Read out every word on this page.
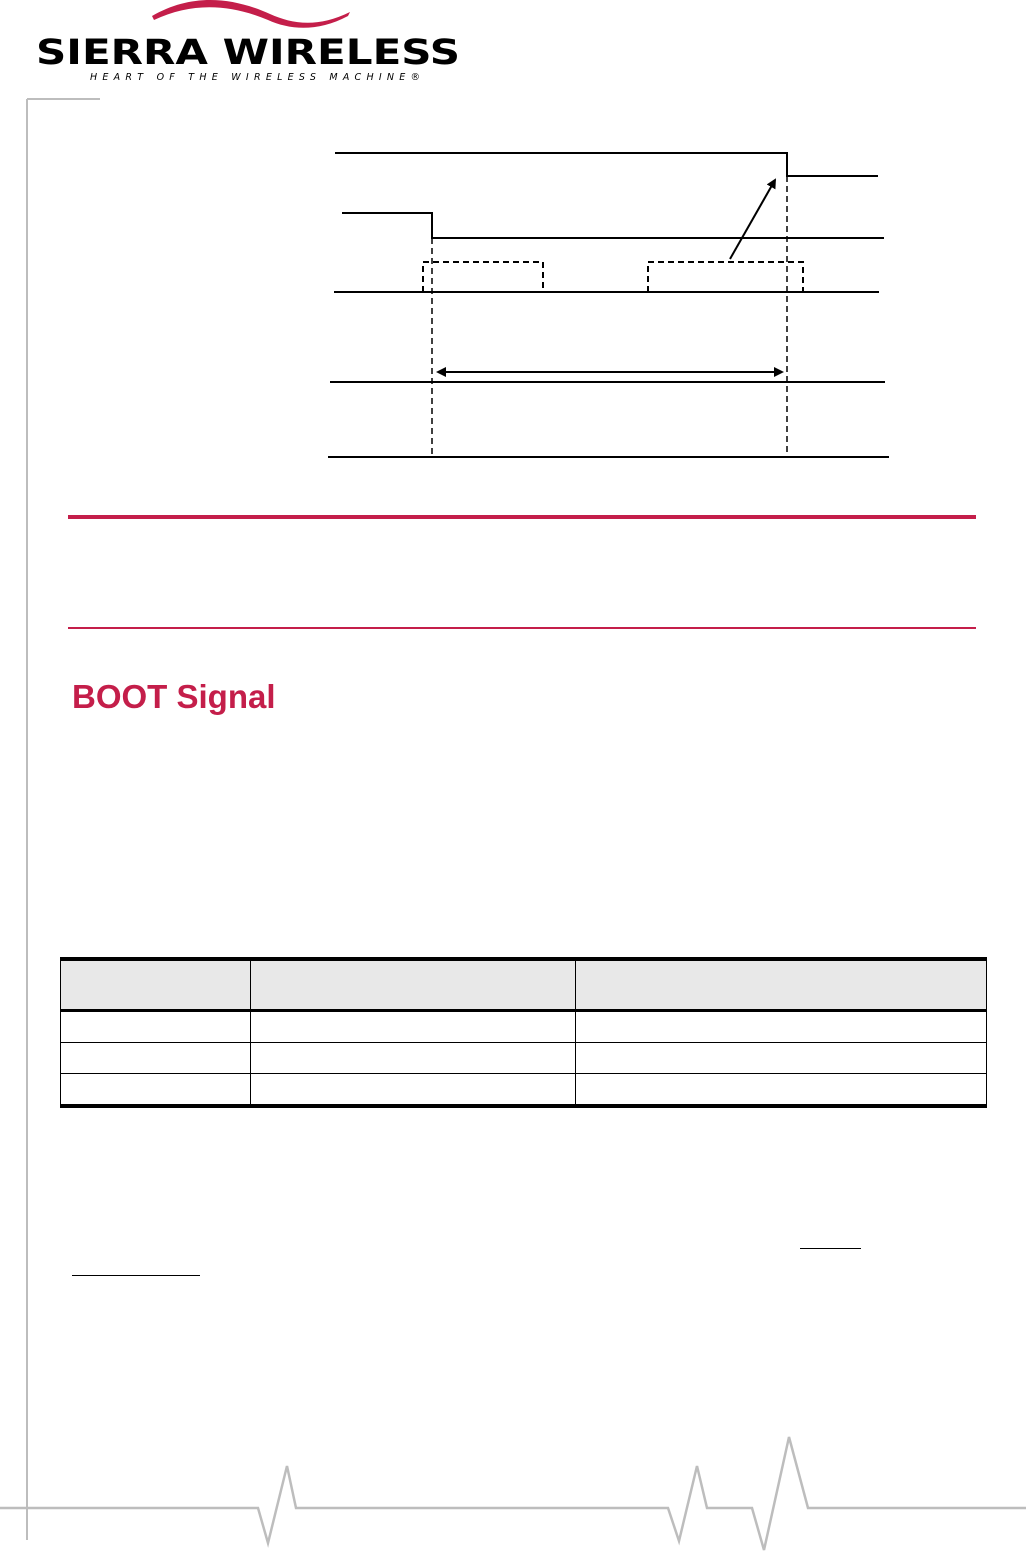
SIERRA WIRELESS
HEART OF THE WIRELESS MACHINE®
BOOT Signal
